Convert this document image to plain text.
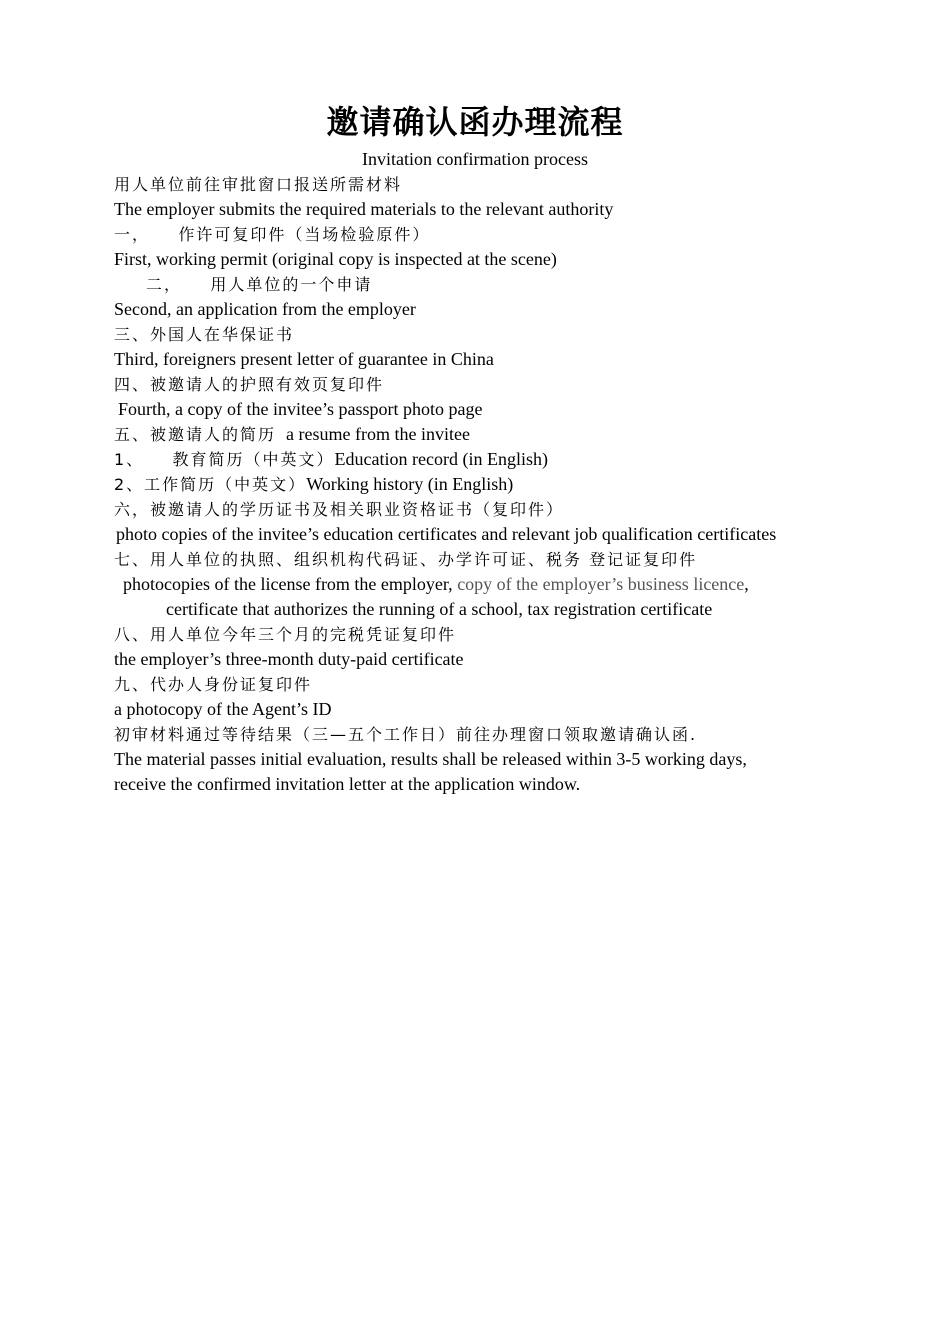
邀请确认函办理流程
Invitation confirmation process
用人单位前往审批窗口报送所需材料
The employer submits the required materials to the relevant authority
一，    作许可复印件（当场检验原件）
First, working permit (original copy is inspected at the scene)
二，    用人单位的一个申请
Second, an application from the employer
三、外国人在华保证书
Third, foreigners present letter of guarantee in China
四、被邀请人的护照有效页复印件
Fourth, a copy of the invitee’s passport photo page
五、被邀请人的简历 a resume from the invitee
1、    教育简历（中英文）Education record (in English)
2、工作简历（中英文）Working history (in English)
六，被邀请人的学历证书及相关职业资格证书（复印件）
photo copies of the invitee’s education certificates and relevant job qualification certificates
七、用人单位的执照、组织机构代码证、办学许可证、税务 登记证复印件
photocopies of the license from the employer, copy of the employer’s business licence,
certificate that authorizes the running of a school, tax registration certificate
八、用人单位今年三个月的完税凭证复印件
the employer’s three-month duty-paid certificate
九、代办人身份证复印件
a photocopy of the Agent’s ID
初审材料通过等待结果（三—五个工作日）前往办理窗口领取邀请确认函.
The material passes initial evaluation, results shall be released within 3-5 working days,
receive the confirmed invitation letter at the application window.
